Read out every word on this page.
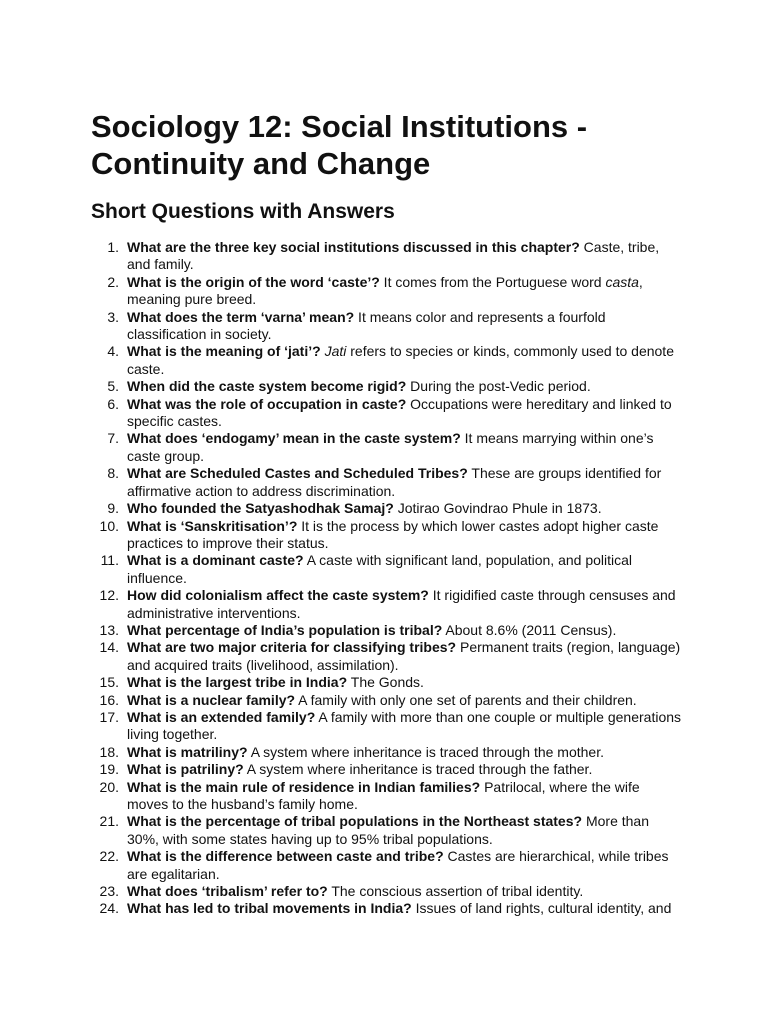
Sociology 12: Social Institutions - Continuity and Change
Short Questions with Answers
1. What are the three key social institutions discussed in this chapter? Caste, tribe, and family.
2. What is the origin of the word ‘caste’? It comes from the Portuguese word casta, meaning pure breed.
3. What does the term ‘varna’ mean? It means color and represents a fourfold classification in society.
4. What is the meaning of ‘jati’? Jati refers to species or kinds, commonly used to denote caste.
5. When did the caste system become rigid? During the post-Vedic period.
6. What was the role of occupation in caste? Occupations were hereditary and linked to specific castes.
7. What does ‘endogamy’ mean in the caste system? It means marrying within one’s caste group.
8. What are Scheduled Castes and Scheduled Tribes? These are groups identified for affirmative action to address discrimination.
9. Who founded the Satyashodhak Samaj? Jotirao Govindrao Phule in 1873.
10. What is ‘Sanskritisation’? It is the process by which lower castes adopt higher caste practices to improve their status.
11. What is a dominant caste? A caste with significant land, population, and political influence.
12. How did colonialism affect the caste system? It rigidified caste through censuses and administrative interventions.
13. What percentage of India’s population is tribal? About 8.6% (2011 Census).
14. What are two major criteria for classifying tribes? Permanent traits (region, language) and acquired traits (livelihood, assimilation).
15. What is the largest tribe in India? The Gonds.
16. What is a nuclear family? A family with only one set of parents and their children.
17. What is an extended family? A family with more than one couple or multiple generations living together.
18. What is matriliny? A system where inheritance is traced through the mother.
19. What is patriliny? A system where inheritance is traced through the father.
20. What is the main rule of residence in Indian families? Patrilocal, where the wife moves to the husband’s family home.
21. What is the percentage of tribal populations in the Northeast states? More than 30%, with some states having up to 95% tribal populations.
22. What is the difference between caste and tribe? Castes are hierarchical, while tribes are egalitarian.
23. What does ‘tribalism’ refer to? The conscious assertion of tribal identity.
24. What has led to tribal movements in India? Issues of land rights, cultural identity, and
